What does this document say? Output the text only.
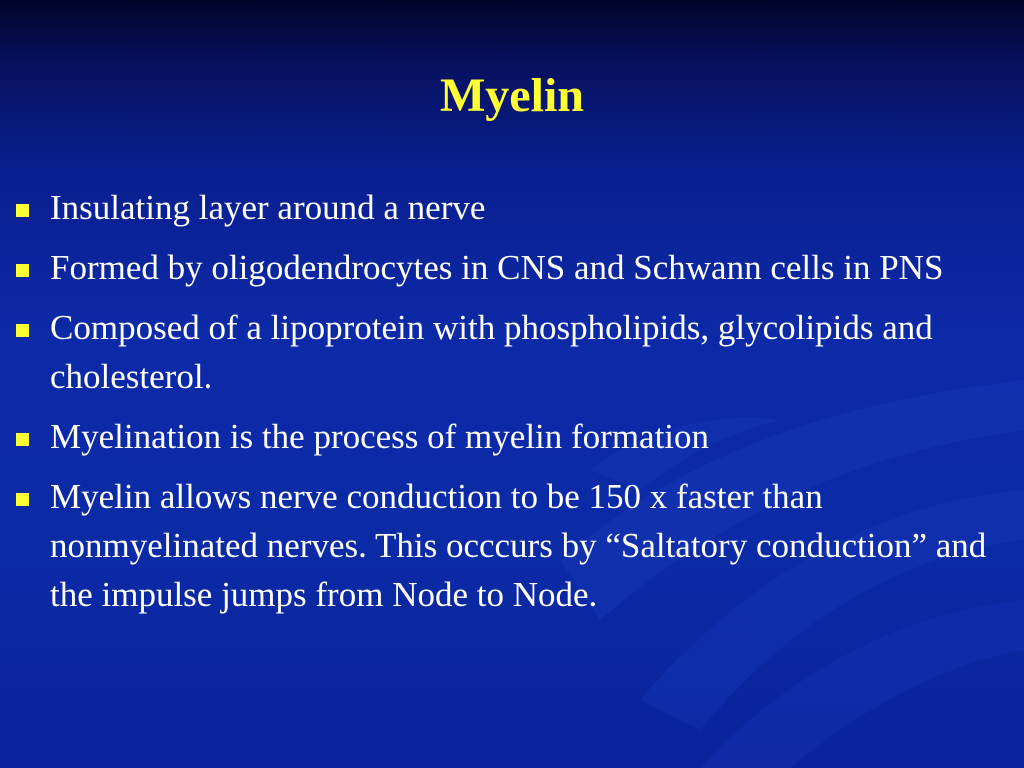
Myelin
Insulating layer around a nerve
Formed by oligodendrocytes in CNS and Schwann cells in PNS
Composed of a lipoprotein with phospholipids, glycolipids and cholesterol.
Myelination is the process of myelin formation
Myelin allows nerve conduction to be 150 x faster than nonmyelinated nerves. This occcurs by “Saltatory conduction” and the impulse jumps from Node to Node.
